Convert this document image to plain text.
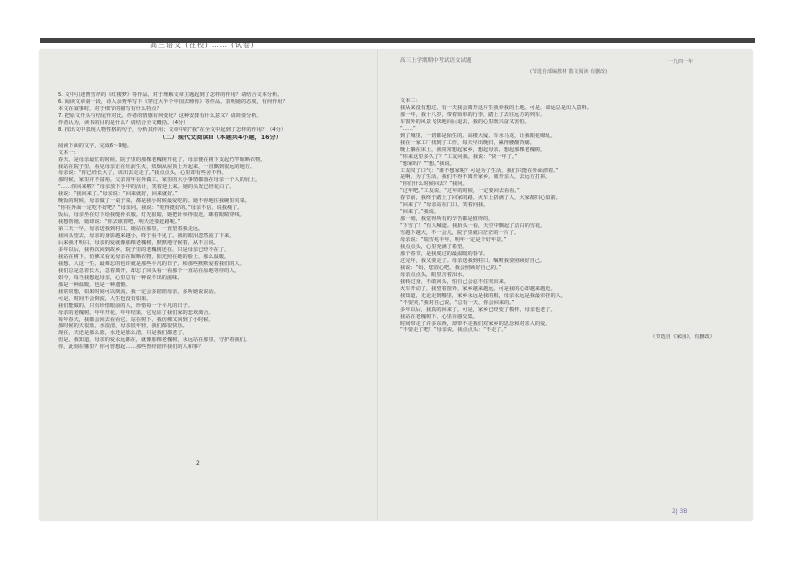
高三语文 (在校) …… (试卷)

5. 文中引述曹雪芹的《红楼梦》等作品，对于理解文章主题起到了怎样的作用？请结合文本分析。

6. 阅读文章第一段，诗人余秀华写下《穿过大半个中国去睡你》等作品，表明她的态度，有何作用？

本文在叙事时，对于细节的描写有什么特点？

7. 把原文开头与结尾作对比，作者的情感有何变化？这种安排有什么意义？请简要分析。

作者认为，读书的目的是什么？请结合全文概括。（4分）

8. 找出文中表现人物性格的句子，分析其作用；文章中的“我”在全文中起到了怎样的作用？（4分）

（二）现代文阅读II（本题共4小题，16分）

阅读下面的文字，完成6～9题。

文本一：

春天，是母亲最忙的时候。院子里的那棵老槐树开花了，母亲便在树下支起竹竿晾晒衣物。

我站在院子里，看见母亲正在灶前生火，炊烟从屋顶上升起来，一直飘到很远的地方。

母亲说：“你已经长大了，该出去走走了。”我点点头，心里却有些舍不得。

那时候，家里并不富裕。父亲常年在外做工，家里的大小事情都落在母亲一个人的肩上。

“……你回来啦？”母亲放下手中的活计，笑着迎上来。她的头发已经花白了。

我说：“我回来了。”母亲说：“回来就好，回来就好。”

晚饭的时候，母亲做了一桌子菜，都是我小时候最爱吃的。她不停地往我碗里夹菜。

“你在外面一定吃不好吧？”母亲问。我说：“吃得挺好的。”母亲不信，说我瘦了。

饭后，母亲坐在灯下给我缝补衣服。灯光很暗，她把针举得很近，眯着眼睛穿线。

我想帮她，她却说：“你去歇着吧，明天还要赶路呢。”

第二天一早，母亲送我到村口。她站在那里，一直望着我走远。

我回头望去，母亲的身影越来越小，终于看不见了。我的眼泪忽然流了下来。

后来我才明白，母亲的爱就像那棵老槐树，默默地守候着，从不言说。

多年以后，我再次回到故乡。院子里的老槐树还在，只是母亲已经不在了。

我站在树下，仿佛又看见母亲在晾晒衣物，阳光照在她的脸上，那么温暖。

我想，人这一生，最难忘的也许就是那些平凡的日子，和那些默默爱着我们的人。

我们总是急着长大，急着离开，却忘了回头看一看那个一直站在原地等待的人。

如今，每当我想起母亲，心里总有一种说不出的滋味。

那是一种温暖，也是一种遗憾。

我常常想，如果时间可以倒流，我一定会多陪陪母亲，多听她说说话。

可是，时间不会倒流，人生也没有如果。

我们能做的，只有珍惜眼前的人，珍惜每一个平凡的日子。

母亲的老槐树，年年开花，年年结果，它见证了我们家的悲欢离合。

每年春天，我都会回去看看它。站在树下，我仿佛又回到了小时候。

那时候的天很蓝，水很清，母亲很年轻，我们都很快乐。

现在，天还是那么蓝，水还是那么清，只是我们都老了。

但是，我知道，母亲的爱永远都在，就像那棵老槐树，永远站在那里，守护着我们。

你，此刻在哪里？你可曾想起……那些曾经陪伴我们的人和事？

文本二：

我从来没有想过，有一天我会离开这片生我养我的土地。可是，命运总是出人意料。

那一年，我十八岁，带着简单的行李，踏上了去往远方的列车。

车窗外的风景飞快地向后退去，我的心里既兴奋又害怕。

“……”

到了城里，一切都是陌生的。高楼大厦，车水马龙，让我眼花缭乱。

我在一家工厂找到了工作，每天早出晚归，累得腰酸背痛。

晚上躺在床上，我常常想起家乡，想起母亲，想起那棵老槐树。

“你来这里多久了？”工友问我。我说：“快一年了。”

“想家吗？”“想。”我说。

工友叹了口气：“谁不想家呢？可是为了生活，我们只能在外面漂着。”

是啊，为了生活，我们不得不离开家乡，离开亲人，去远方打拼。

“你们什么时候回去？”我问。

“过年吧。”工友说，“过年的时候，一定要回去看看。”

春节前，我终于踏上了回家的路。火车上挤满了人，大家都归心似箭。

“回来了？”母亲站在门口，笑着问我。

“回来了。”我说。

那一刻，我觉得所有的辛苦都是值得的。

“下雪了！”有人喊道。我抬头一看，天空中飘起了洁白的雪花。

雪越下越大，不一会儿，院子里就白茫茫的一片了。

母亲说：“瑞雪兆丰年，明年一定是个好年景。”

我点点头，心里充满了希望。

那个春节，是我度过的最温暖的春节。

过完年，我又要走了。母亲送我到村口，嘱咐我要照顾好自己。

我说：“妈，您放心吧，我会照顾好自己的。”

母亲点点头，眼里含着泪水。

我转过身，不敢回头，怕自己会忍不住哭出来。

火车开动了，我望着窗外，家乡越来越远，可是我的心却越来越近。

我知道，无论走到哪里，家乡永远是我的根，母亲永远是我最牵挂的人。

“不要哭，”我对自己说，“总有一天，你会回来的。”

多年以后，我真的回来了。可是，家乡已经变了模样，母亲也老了。

我站在老槐树下，心里百感交集。

时间带走了许多东西，却带不走我们对家乡的思念和对亲人的爱。

“不要走了吧！”母亲说。我点点头：“不走了。”

（节选自《家园》，有删改）

高三上学期期中考试语文试题
(节选自部编教材 散文阅读 有删改)
一九四一年
2
2J 3B
